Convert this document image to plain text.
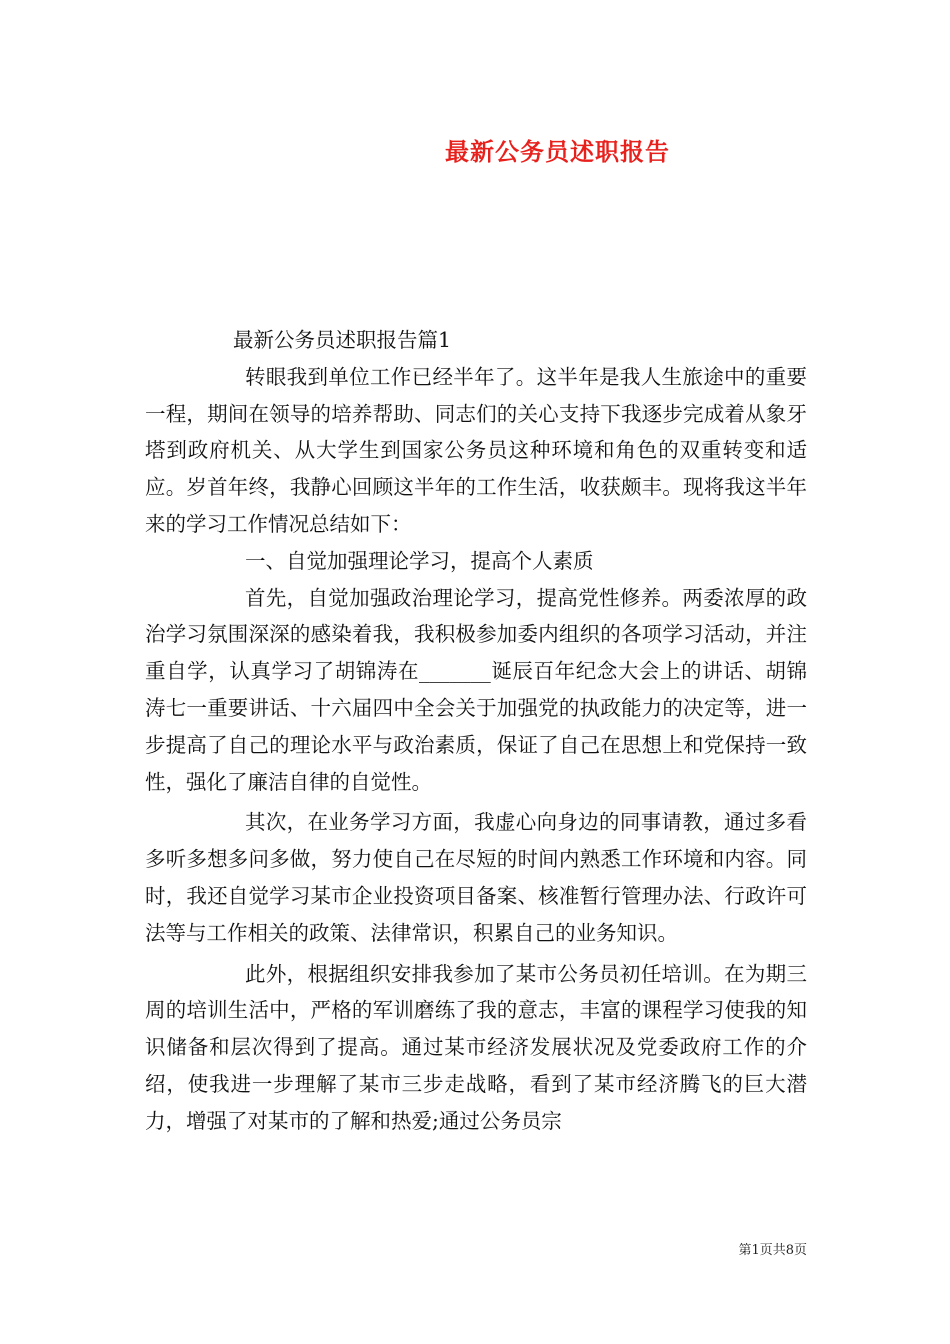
最新公务员述职报告

最新公务员述职报告篇1

转眼我到单位工作已经半年了。这半年是我人生旅途中的重要一程，期间在领导的培养帮助、同志们的关心支持下我逐步完成着从象牙塔到政府机关、从大学生到国家公务员这种环境和角色的双重转变和适应。岁首年终，我静心回顾这半年的工作生活，收获颇丰。现将我这半年来的学习工作情况总结如下：

一、自觉加强理论学习，提高个人素质

首先，自觉加强政治理论学习，提高党性修养。两委浓厚的政治学习氛围深深的感染着我，我积极参加委内组织的各项学习活动，并注重自学，认真学习了胡锦涛在_______诞辰百年纪念大会上的讲话、胡锦涛七一重要讲话、十六届四中全会关于加强党的执政能力的决定等，进一步提高了自己的理论水平与政治素质，保证了自己在思想上和党保持一致性，强化了廉洁自律的自觉性。

其次，在业务学习方面，我虚心向身边的同事请教，通过多看多听多想多问多做，努力使自己在尽短的时间内熟悉工作环境和内容。同时，我还自觉学习某市企业投资项目备案、核准暂行管理办法、行政许可法等与工作相关的政策、法律常识，积累自己的业务知识。

此外，根据组织安排我参加了某市公务员初任培训。在为期三周的培训生活中，严格的军训磨练了我的意志，丰富的课程学习使我的知识储备和层次得到了提高。通过某市经济发展状况及党委政府工作的介绍，使我进一步理解了某市三步走战略，看到了某市经济腾飞的巨大潜力，增强了对某市的了解和热爱;通过公务员宗

第1页共8页
